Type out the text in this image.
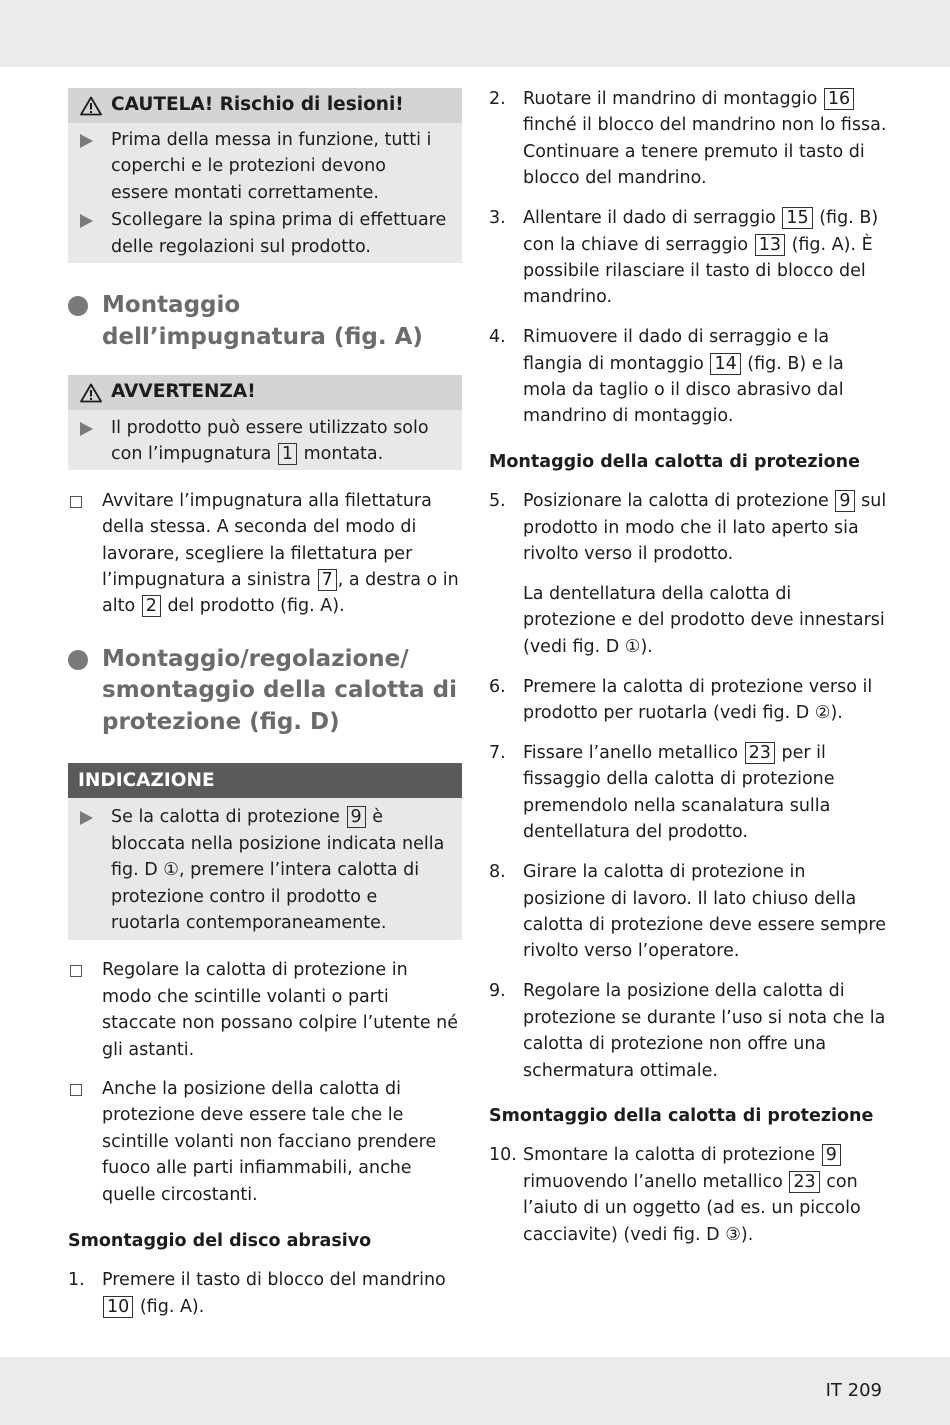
CAUTELA! Rischio di lesioni!
Prima della messa in funzione, tutti i coperchi e le protezioni devono essere montati correttamente.
Scollegare la spina prima di effettuare delle regolazioni sul prodotto.
Montaggio dell’impugnatura (fig. A)
AVVERTENZA!
Il prodotto può essere utilizzato solo con l’impugnatura 1 montata.
Avvitare l’impugnatura alla filettatura della stessa. A seconda del modo di lavorare, scegliere la filettatura per l’impugnatura a sinistra 7 , a destra o in alto 2 del prodotto (fig. A).
Montaggio/regolazione/ smontaggio della calotta di protezione (fig. D)
INDICAZIONE
Se la calotta di protezione 9 è bloccata nella posizione indicata nella fig. D ①, premere l’intera calotta di protezione contro il prodotto e ruotarla contemporaneamente.
Regolare la calotta di protezione in modo che scintille volanti o parti staccate non possano colpire l’utente né gli astanti.
Anche la posizione della calotta di protezione deve essere tale che le scintille volanti non facciano prendere fuoco alle parti infiammabili, anche quelle circostanti.
Smontaggio del disco abrasivo
1. Premere il tasto di blocco del mandrino 10 (fig. A).
2. Ruotare il mandrino di montaggio 16 finché il blocco del mandrino non lo fissa. Continuare a tenere premuto il tasto di blocco del mandrino.
3. Allentare il dado di serraggio 15 (fig. B) con la chiave di serraggio 13 (fig. A). È possibile rilasciare il tasto di blocco del mandrino.
4. Rimuovere il dado di serraggio e la flangia di montaggio 14 (fig. B) e la mola da taglio o il disco abrasivo dal mandrino di montaggio.
Montaggio della calotta di protezione
5. Posizionare la calotta di protezione 9 sul prodotto in modo che il lato aperto sia rivolto verso il prodotto.
La dentellatura della calotta di protezione e del prodotto deve innestarsi (vedi fig. D ①).
6. Premere la calotta di protezione verso il prodotto per ruotarla (vedi fig. D ②).
7. Fissare l’anello metallico 23 per il fissaggio della calotta di protezione premendolo nella scanalatura sulla dentellatura del prodotto.
8. Girare la calotta di protezione in posizione di lavoro. Il lato chiuso della calotta di protezione deve essere sempre rivolto verso l’operatore.
9. Regolare la posizione della calotta di protezione se durante l’uso si nota che la calotta di protezione non offre una schermatura ottimale.
Smontaggio della calotta di protezione
10. Smontare la calotta di protezione 9 rimuovendo l’anello metallico 23 con l’aiuto di un oggetto (ad es. un piccolo cacciavite) (vedi fig. D ③).
IT 209
